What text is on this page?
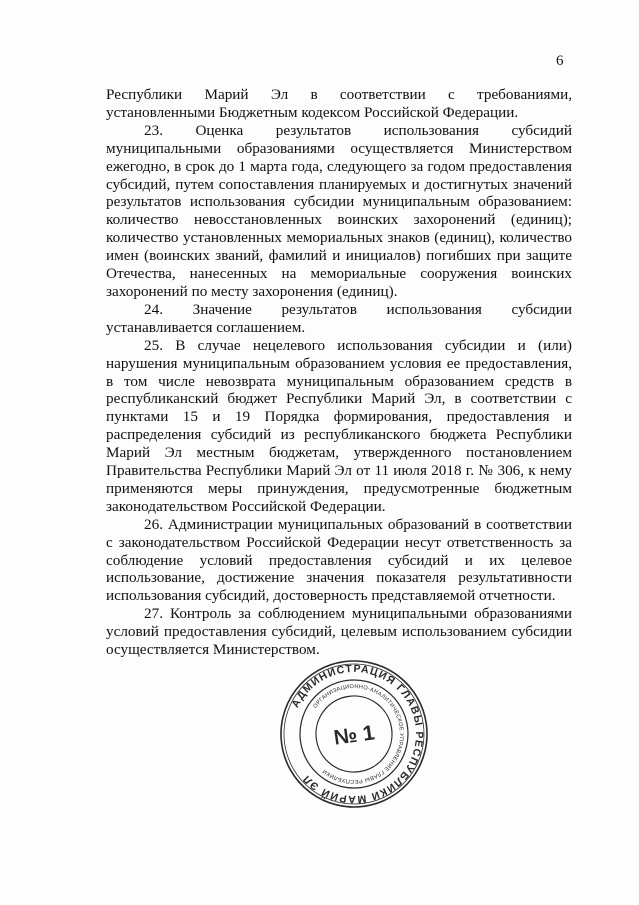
6

Республики Марий Эл в соответствии с требованиями, установленными Бюджетным кодексом Российской Федерации.

23. Оценка результатов использования субсидий муниципальными образованиями осуществляется Министерством ежегодно, в срок до 1 марта года, следующего за годом предоставления субсидий, путем сопоставления планируемых и достигнутых значений результатов использования субсидии муниципальным образованием: количество невосстановленных воинских захоронений (единиц); количество установленных мемориальных знаков (единиц), количество имен (воинских званий, фамилий и инициалов) погибших при защите Отечества, нанесенных на мемориальные сооружения воинских захоронений по месту захоронения (единиц).

24. Значение результатов использования субсидии устанавливается соглашением.

25. В случае нецелевого использования субсидии и (или) нарушения муниципальным образованием условия ее предоставления, в том числе невозврата муниципальным образованием средств в республиканский бюджет Республики Марий Эл, в соответствии с пунктами 15 и 19 Порядка формирования, предоставления и распределения субсидий из республиканского бюджета Республики Марий Эл местным бюджетам, утвержденного постановлением Правительства Республики Марий Эл от 11 июля 2018 г. № 306, к нему применяются меры принуждения, предусмотренные бюджетным законодательством Российской Федерации.

26. Администрации муниципальных образований в соответствии с законодательством Российской Федерации несут ответственность за соблюдение условий предоставления субсидий и их целевое использование, достижение значения показателя результативности использования субсидий, достоверность представляемой отчетности.

27. Контроль за соблюдением муниципальными образованиями условий предоставления субсидий, целевым использованием субсидии осуществляется Министерством.

АДМИНИСТРАЦИЯ ГЛАВЫ РЕСПУБЛИКИ МАРИЙ ЭЛ
ОРГАНИЗАЦИОННО-АНАЛИТИЧЕСКОЕ УПРАВЛЕНИЕ ГЛАВЫ РЕСПУБЛИКИ
№ 1
